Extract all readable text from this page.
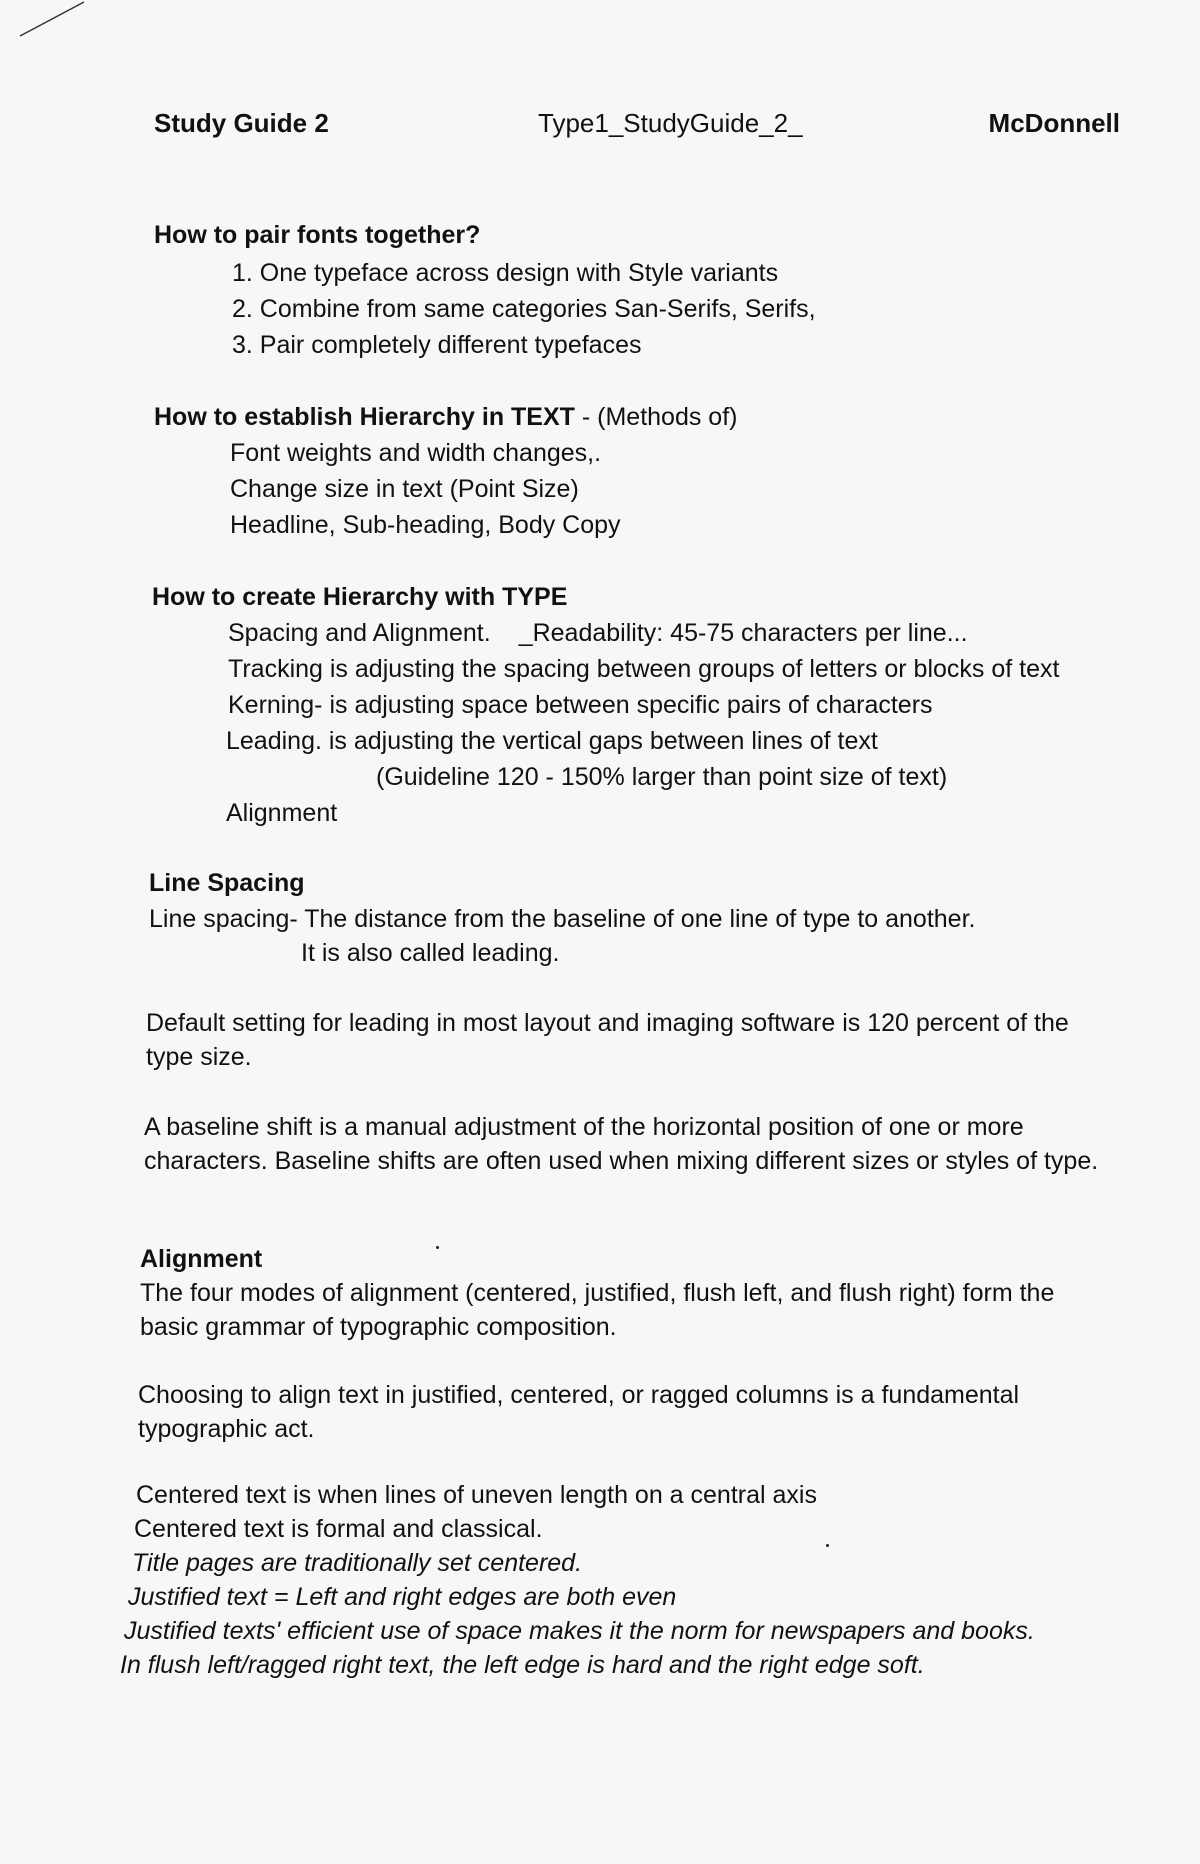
Study Guide 2	Type1_StudyGuide_2_	McDonnell
How to pair fonts together?
1. One typeface across design with Style variants
2. Combine from same categories San-Serifs, Serifs,
3. Pair completely different typefaces
How to establish Hierarchy in TEXT - (Methods of)
Font weights and width changes,.
Change size in text (Point Size)
Headline, Sub-heading, Body Copy
How to create Hierarchy with TYPE
Spacing and Alignment. _Readability: 45-75 characters per line...
Tracking is adjusting the spacing between groups of letters or blocks of text
Kerning- is adjusting space between specific pairs of characters
Leading. is adjusting the vertical gaps between lines of text
(Guideline 120 - 150% larger than point size of text)
Alignment
Line Spacing
Line spacing- The distance from the baseline of one line of type to another.
It is also called leading.
Default setting for leading in most layout and imaging software is 120 percent of the
type size.
A baseline shift is a manual adjustment of the horizontal position of one or more
characters. Baseline shifts are often used when mixing different sizes or styles of type.
Alignment
The four modes of alignment (centered, justified, flush left, and flush right) form the
basic grammar of typographic composition.
Choosing to align text in justified, centered, or ragged columns is a fundamental
typographic act.
Centered text is when lines of uneven length on a central axis
Centered text is formal and classical.
Title pages are traditionally set centered.
Justified text = Left and right edges are both even
Justified texts' efficient use of space makes it the norm for newspapers and books.
In flush left/ragged right text, the left edge is hard and the right edge soft.
